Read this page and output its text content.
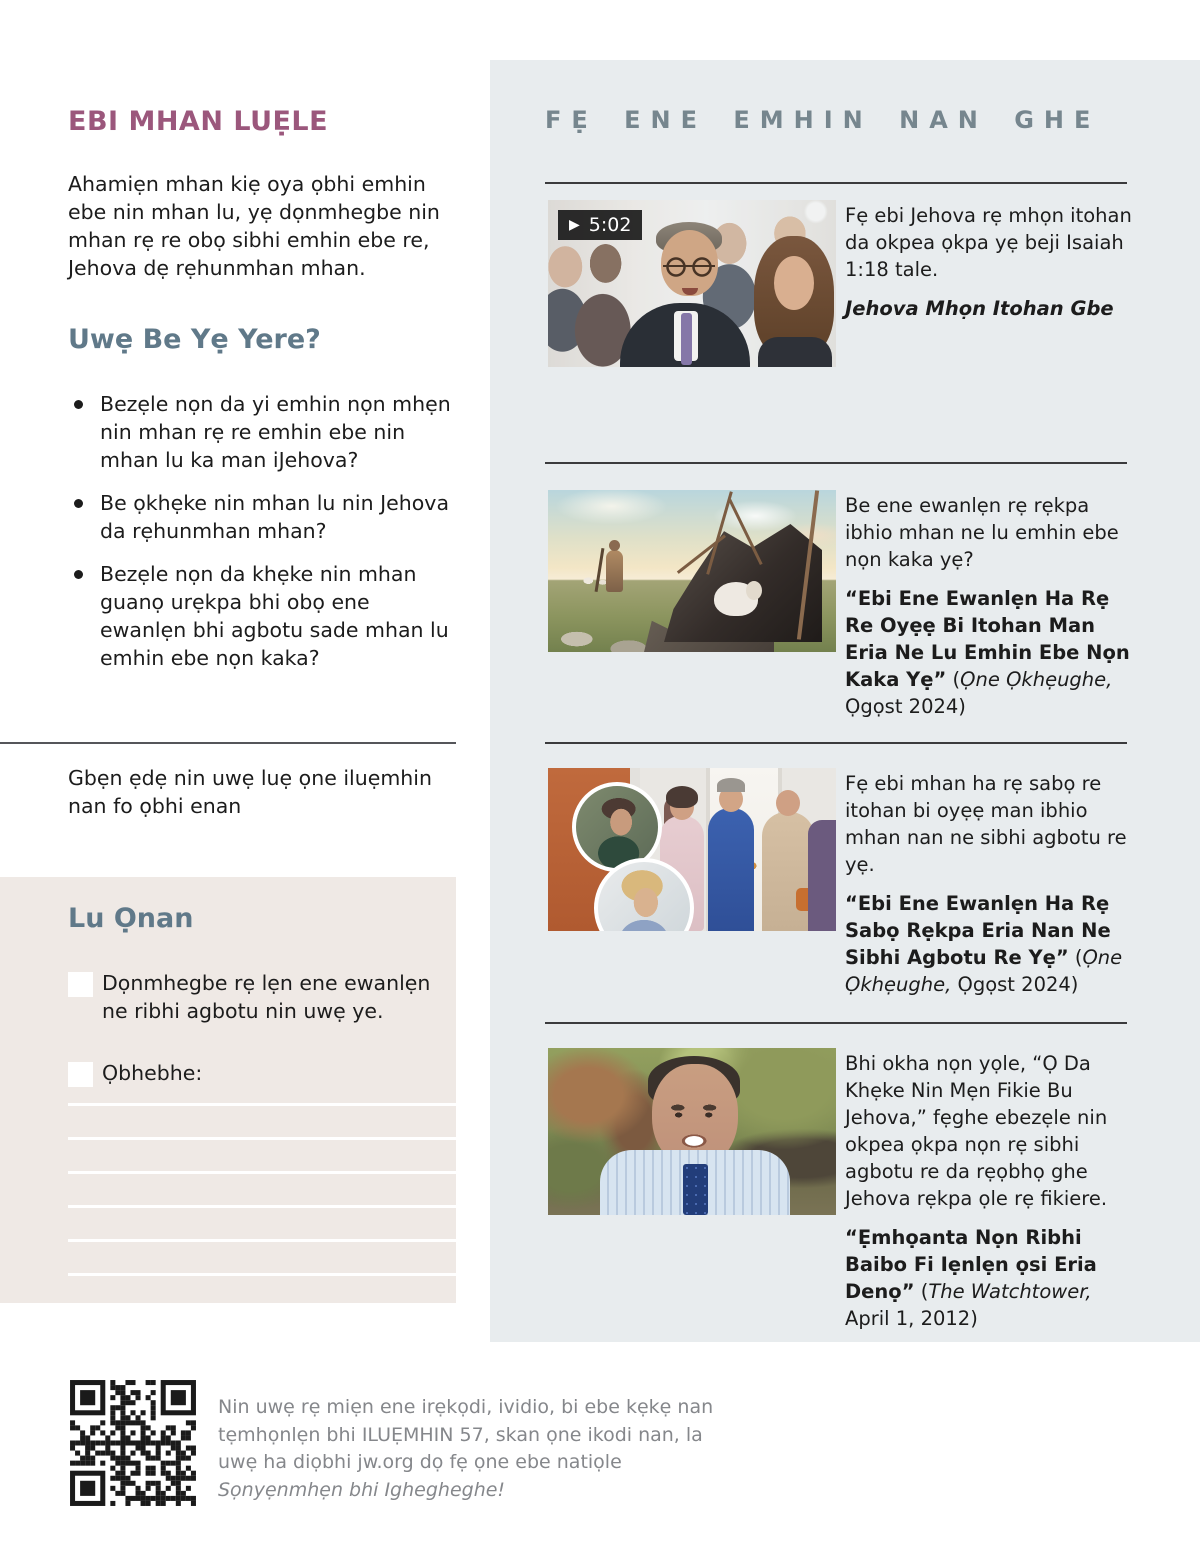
EBI MHAN LUẸLE

Ahamiẹn mhan kiẹ oya ọbhi emhin ebe nin mhan lu, yẹ dọnmhegbe nin mhan rẹ re obọ sibhi emhin ebe re, Jehova dẹ rẹhunmhan mhan.

Uwẹ Be Yẹ Yere?
Bezẹle nọn da yi emhin nọn mhẹn nin mhan rẹ re emhin ebe nin mhan lu ka man iJehova?
Be ọkhẹke nin mhan lu nin Jehova da rẹhunmhan mhan?
Bezẹle nọn da khẹke nin mhan guanọ urẹkpa bhi obọ ene ewanlẹn bhi agbotu sade mhan lu emhin ebe nọn kaka?

Gbẹn ẹdẹ nin uwẹ luẹ ọne iluẹmhin nan fo ọbhi enan

Lu Ọnan
Dọnmhegbe rẹ lẹn ene ewanlẹn ne ribhi agbotu nin uwẹ ye.
Ọbhebhe:
FẸ ENE EMHIN NAN GHE
▶ 5:02	Fẹ ebi Jehova rẹ mhọn itohan da okpea ọkpa yẹ beji Isaiah 1:18 tale.

Jehova Mhọn Itohan Gbe

Be ene ewanlẹn rẹ rẹkpa ibhio mhan ne lu emhin ebe nọn kaka yẹ?

“Ebi Ene Ewanlẹn Ha Rẹ Re Oyẹẹ Bi Itohan Man Eria Ne Lu Emhin Ebe Nọn Kaka Yẹ” (Ọne Ọkhẹughe, Ọgọst 2024)

Fẹ ebi mhan ha rẹ sabọ re itohan bi oyẹẹ man ibhio mhan nan ne sibhi agbotu re yẹ.

“Ebi Ene Ewanlẹn Ha Rẹ Sabọ Rẹkpa Eria Nan Ne Sibhi Agbotu Re Yẹ” (Ọne Ọkhẹughe, Ọgọst 2024)

Bhi okha nọn yọle, “Ọ Da Khẹke Nin Mẹn Fikie Bu Jehova,” fẹghe ebezẹle nin okpea ọkpa nọn rẹ sibhi agbotu re da rẹọbhọ ghe Jehova rẹkpa ọle rẹ fikiere.

“Ẹmhọanta Nọn Ribhi Baibo Fi Iẹnlẹn ọsi Eria Denọ” (The Watchtower, April 1, 2012)

Nin uwẹ rẹ miẹn ene irẹkọdi, ividio, bi ebe kẹkẹ nan tẹmhọnlẹn bhi ILUẸMHIN 57, skan ọne ikodi nan, la uwẹ ha diọbhi jw.org dọ fẹ ọne ebe natiọle Sọnyẹnmhẹn bhi Ighegheghe!
